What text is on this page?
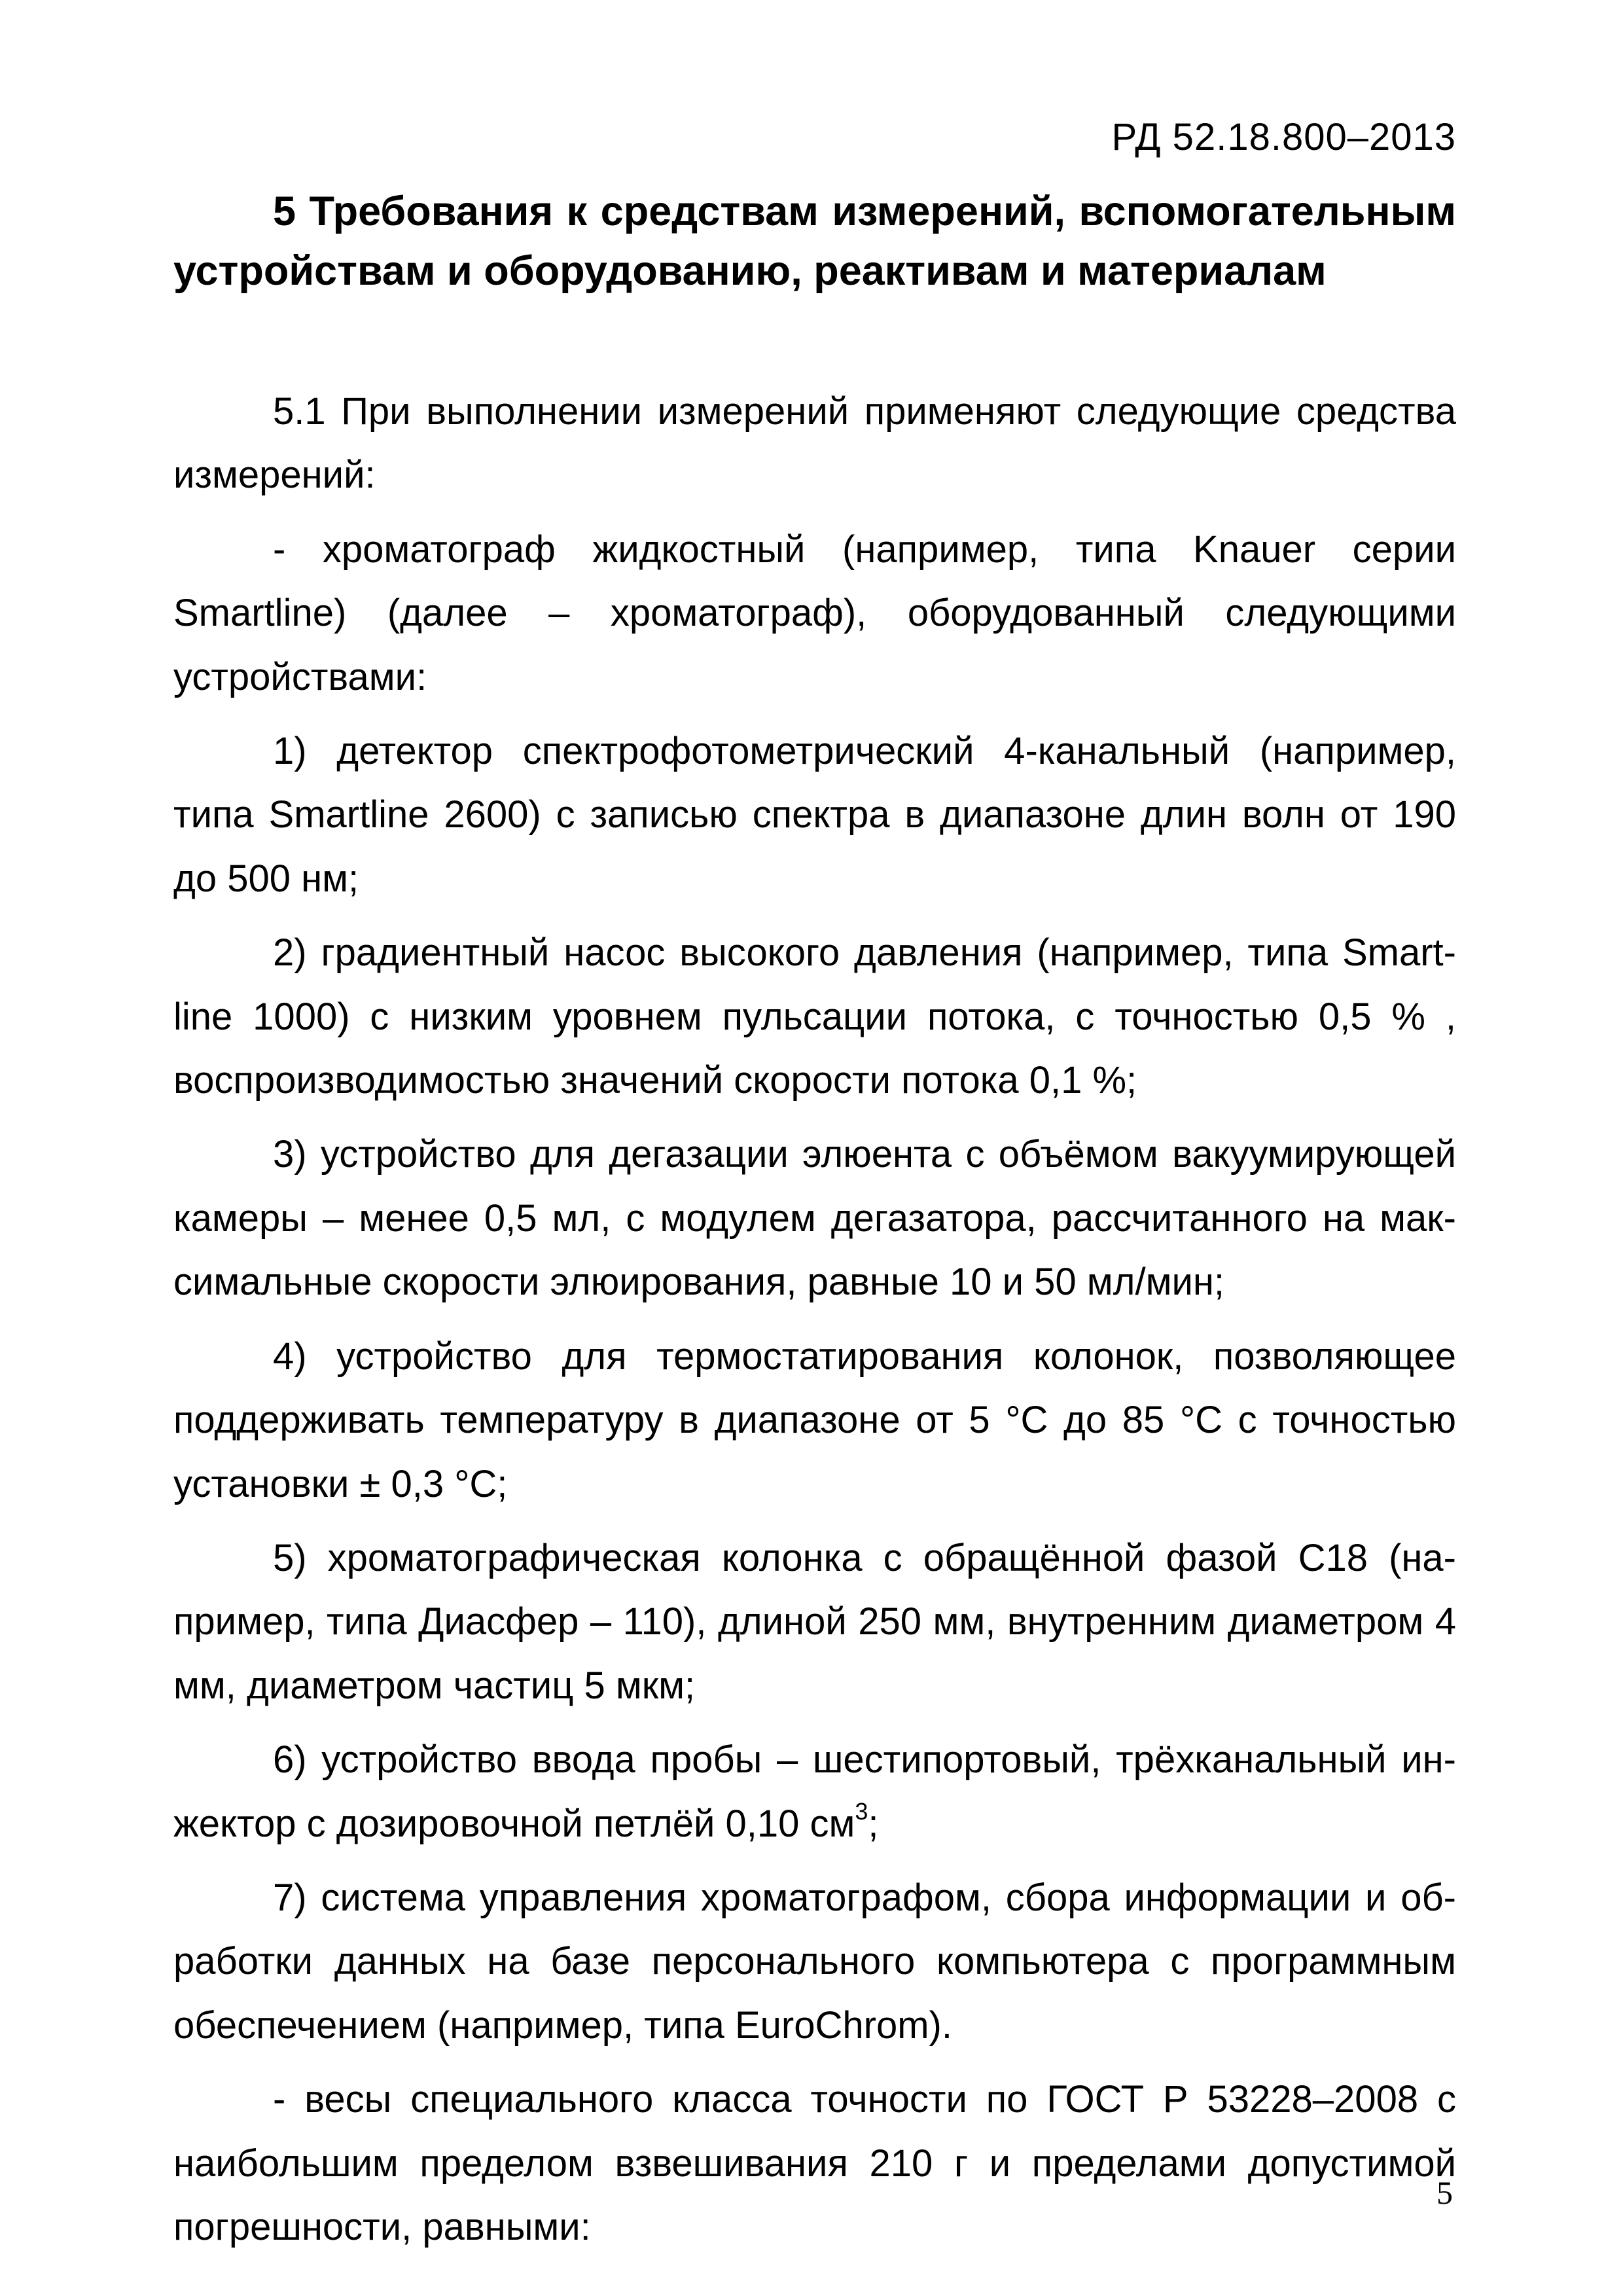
РД 52.18.800–2013
5 Требования к средствам измерений, вспомогательным устройствам и оборудованию, реактивам и материалам

5.1 При выполнении измерений применяют следующие средства измерений:

- хроматограф жидкостный (например, типа Knauer серии Smartline) (далее – хроматограф), оборудованный следующими устройствами:

1) детектор спектрофотометрический 4-канальный (например, типа Smartline 2600) с записью спектра в диапазоне длин волн от 190 до 500 нм;

2) градиентный насос высокого давления (например, типа Smartline 1000) с низким уровнем пульсации потока, с точностью 0,5 % , воспроизводимостью значений скорости потока 0,1 %;

3) устройство для дегазации элюента с объёмом вакуумирующей камеры – менее 0,5 мл, с модулем дегазатора, рассчитанного на максимальные скорости элюирования, равные 10 и 50 мл/мин;

4) устройство для термостатирования колонок, позволяющее поддерживать температуру в диапазоне от 5 °С до 85 °С с точностью установки ± 0,3 °С;

5) хроматографическая колонка с обращённой фазой С18 (например, типа Диасфер – 110), длиной 250 мм, внутренним диаметром 4 мм, диаметром частиц 5 мкм;

6) устройство ввода пробы – шестипортовый, трёхканальный инжектор с дозировочной петлёй 0,10 $см^3$;

7) система управления хроматографом, сбора информации и обработки данных на базе персонального компьютера с программным обеспечением (например, типа EuroChrom).

- весы специального класса точности по ГОСТ Р 53228–2008 с наибольшим пределом взвешивания 210 г и пределами допустимой погрешности, равными:

5
